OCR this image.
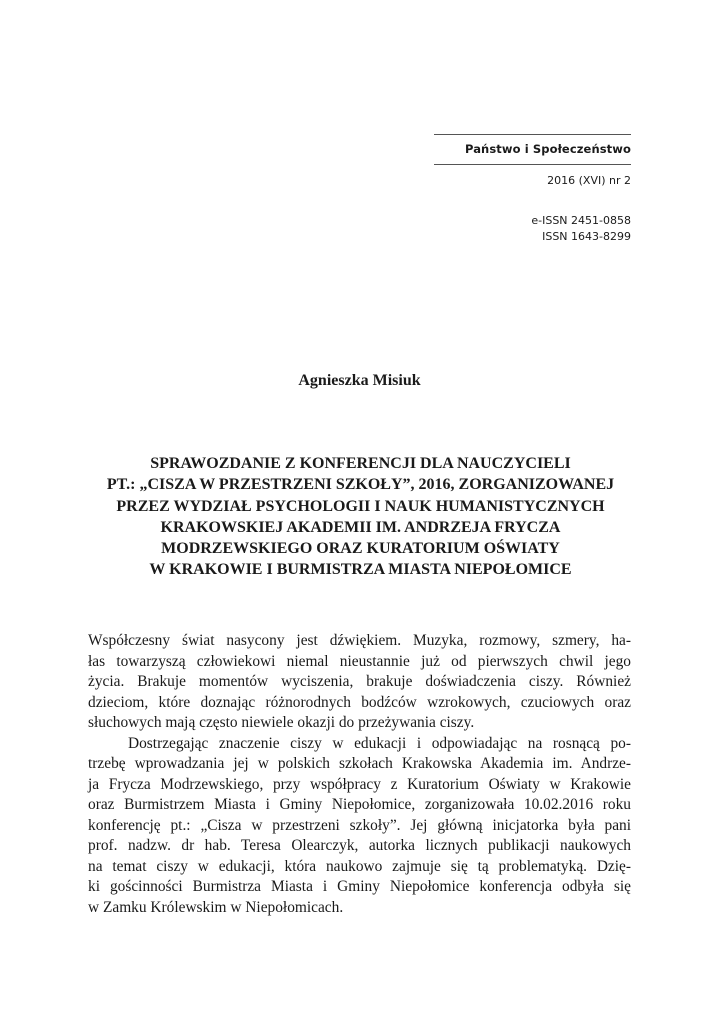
Państwo i Społeczeństwo
2016 (XVI) nr 2
e-ISSN 2451-0858
ISSN 1643-8299
Agnieszka Misiuk
SPRAWOZDANIE Z KONFERENCJI DLA NAUCZYCIELI
PT.: „CISZA W PRZESTRZENI SZKOŁY”, 2016, ZORGANIZOWANEJ
PRZEZ WYDZIAŁ PSYCHOLOGII I NAUK HUMANISTYCZNYCH
KRAKOWSKIEJ AKADEMII IM. ANDRZEJA FRYCZA
MODRZEWSKIEGO ORAZ KURATORIUM OŚWIATY
W KRAKOWIE I BURMISTRZA MIASTA NIEPOŁOMICE
Współczesny świat nasycony jest dźwiękiem. Muzyka, rozmowy, szmery, ha-
łas towarzyszą człowiekowi niemal nieustannie już od pierwszych chwil jego
życia. Brakuje momentów wyciszenia, brakuje doświadczenia ciszy. Również
dzieciom, które doznając różnorodnych bodźców wzrokowych, czuciowych oraz
słuchowych mają często niewiele okazji do przeżywania ciszy.
Dostrzegając znaczenie ciszy w edukacji i odpowiadając na rosnącą po-
trzebę wprowadzania jej w polskich szkołach Krakowska Akademia im. Andrze-
ja Frycza Modrzewskiego, przy współpracy z Kuratorium Oświaty w Krakowie
oraz Burmistrzem Miasta i Gminy Niepołomice, zorganizowała 10.02.2016 roku
konferencję pt.: „Cisza w przestrzeni szkoły”. Jej główną inicjatorka była pani
prof. nadzw. dr hab. Teresa Olearczyk, autorka licznych publikacji naukowych
na temat ciszy w edukacji, która naukowo zajmuje się tą problematyką. Dzię-
ki gościnności Burmistrza Miasta i Gminy Niepołomice konferencja odbyła się
w Zamku Królewskim w Niepołomicach.
